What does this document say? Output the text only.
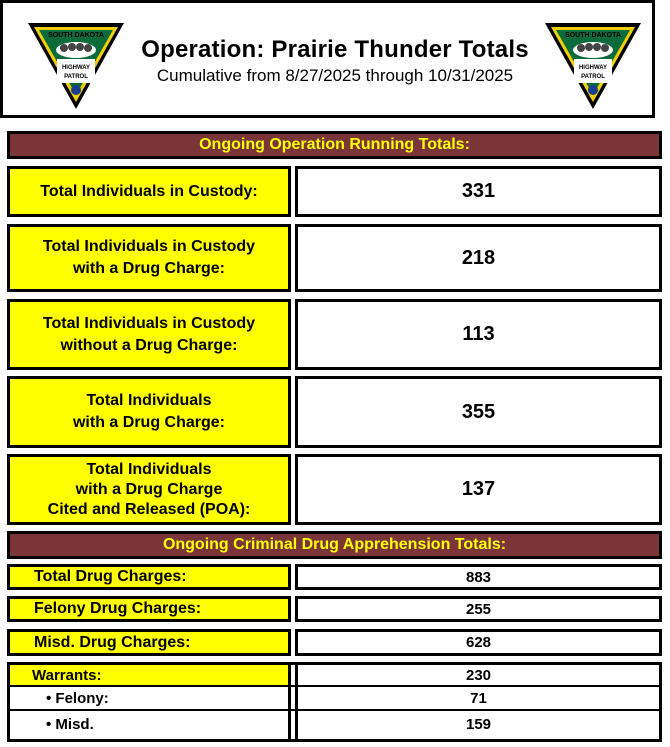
SOUTH DAKOTA
HIGHWAY
PATROL
SOUTH DAKOTA
HIGHWAY
PATROL
Operation: Prairie Thunder Totals
Cumulative from 8/27/2025 through 10/31/2025
Ongoing Operation Running Totals:
Total Individuals in Custody:	331
Total Individuals in Custody
with a Drug Charge:	218
Total Individuals in Custody
without a Drug Charge:	113
Total Individuals
with a Drug Charge:	355
Total Individuals
with a Drug Charge
Cited and Released (POA):
137
Ongoing Criminal Drug Apprehension Totals:
Total Drug Charges:	883
Felony Drug Charges:	255
Misd. Drug Charges:	628
Warrants:	230
• Felony:	71
• Misd.	159
